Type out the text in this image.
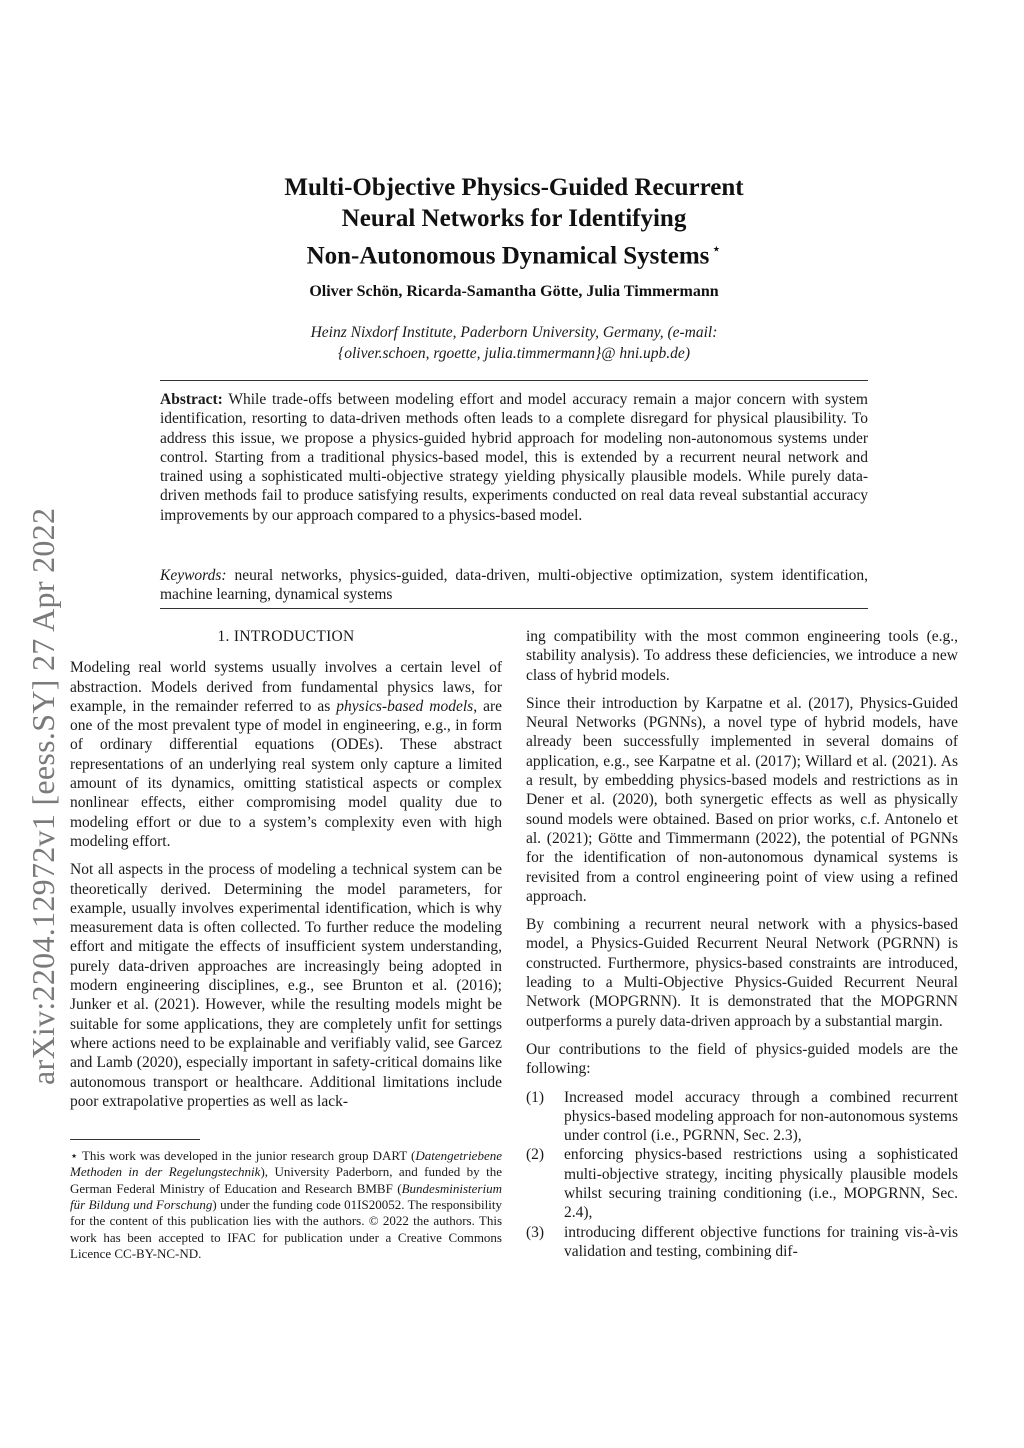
arXiv:2204.12972v1 [eess.SY] 27 Apr 2022
Multi-Objective Physics-Guided Recurrent
Neural Networks for Identifying
Non-Autonomous Dynamical Systems ⋆
Oliver Schön, Ricarda-Samantha Götte, Julia Timmermann
Heinz Nixdorf Institute, Paderborn University, Germany, (e-mail:
{oliver.schoen, rgoette, julia.timmermann}@ hni.upb.de)
Abstract: While trade-offs between modeling effort and model accuracy remain a major concern with system identification, resorting to data-driven methods often leads to a complete disregard for physical plausibility. To address this issue, we propose a physics-guided hybrid approach for modeling non-autonomous systems under control. Starting from a traditional physics-based model, this is extended by a recurrent neural network and trained using a sophisticated multi-objective strategy yielding physically plausible models. While purely data-driven methods fail to produce satisfying results, experiments conducted on real data reveal substantial accuracy improvements by our approach compared to a physics-based model.
Keywords: neural networks, physics-guided, data-driven, multi-objective optimization, system identification, machine learning, dynamical systems
1. INTRODUCTION

Modeling real world systems usually involves a certain level of abstraction. Models derived from fundamental physics laws, for example, in the remainder referred to as physics-based models, are one of the most prevalent type of model in engineering, e.g., in form of ordinary differential equations (ODEs). These abstract representations of an underlying real system only capture a limited amount of its dynamics, omitting statistical aspects or complex nonlinear effects, either compromising model quality due to modeling effort or due to a system’s complexity even with high modeling effort.

Not all aspects in the process of modeling a technical system can be theoretically derived. Determining the model parameters, for example, usually involves experimental identification, which is why measurement data is often collected. To further reduce the modeling effort and mitigate the effects of insufficient system understanding, purely data-driven approaches are increasingly being adopted in modern engineering disciplines, e.g., see Brunton et al. (2016); Junker et al. (2021). However, while the resulting models might be suitable for some applications, they are completely unfit for settings where actions need to be explainable and verifiably valid, see Garcez and Lamb (2020), especially important in safety-critical domains like autonomous transport or healthcare. Additional limitations include poor extrapolative properties as well as lack-

⋆ This work was developed in the junior research group DART (Datengetriebene Methoden in der Regelungstechnik), University Paderborn, and funded by the German Federal Ministry of Education and Research BMBF (Bundesministerium für Bildung und Forschung) under the funding code 01IS20052. The responsibility for the content of this publication lies with the authors. © 2022 the authors. This work has been accepted to IFAC for publication under a Creative Commons Licence CC-BY-NC-ND.

ing compatibility with the most common engineering tools (e.g., stability analysis). To address these deficiencies, we introduce a new class of hybrid models.

Since their introduction by Karpatne et al. (2017), Physics-Guided Neural Networks (PGNNs), a novel type of hybrid models, have already been successfully implemented in several domains of application, e.g., see Karpatne et al. (2017); Willard et al. (2021). As a result, by embedding physics-based models and restrictions as in Dener et al. (2020), both synergetic effects as well as physically sound models were obtained. Based on prior works, c.f. Antonelo et al. (2021); Götte and Timmermann (2022), the potential of PGNNs for the identification of non-autonomous dynamical systems is revisited from a control engineering point of view using a refined approach.

By combining a recurrent neural network with a physics-based model, a Physics-Guided Recurrent Neural Network (PGRNN) is constructed. Furthermore, physics-based constraints are introduced, leading to a Multi-Objective Physics-Guided Recurrent Neural Network (MOPGRNN). It is demonstrated that the MOPGRNN outperforms a purely data-driven approach by a substantial margin.

Our contributions to the field of physics-guided models are the following:

(1)	Increased model accuracy through a combined recurrent physics-based modeling approach for non-autonomous systems under control (i.e., PGRNN, Sec. 2.3),
(2)	enforcing physics-based restrictions using a sophisticated multi-objective strategy, inciting physically plausible models whilst securing training conditioning (i.e., MOPGRNN, Sec. 2.4),
(3)	introducing different objective functions for training vis-à-vis validation and testing, combining dif-
